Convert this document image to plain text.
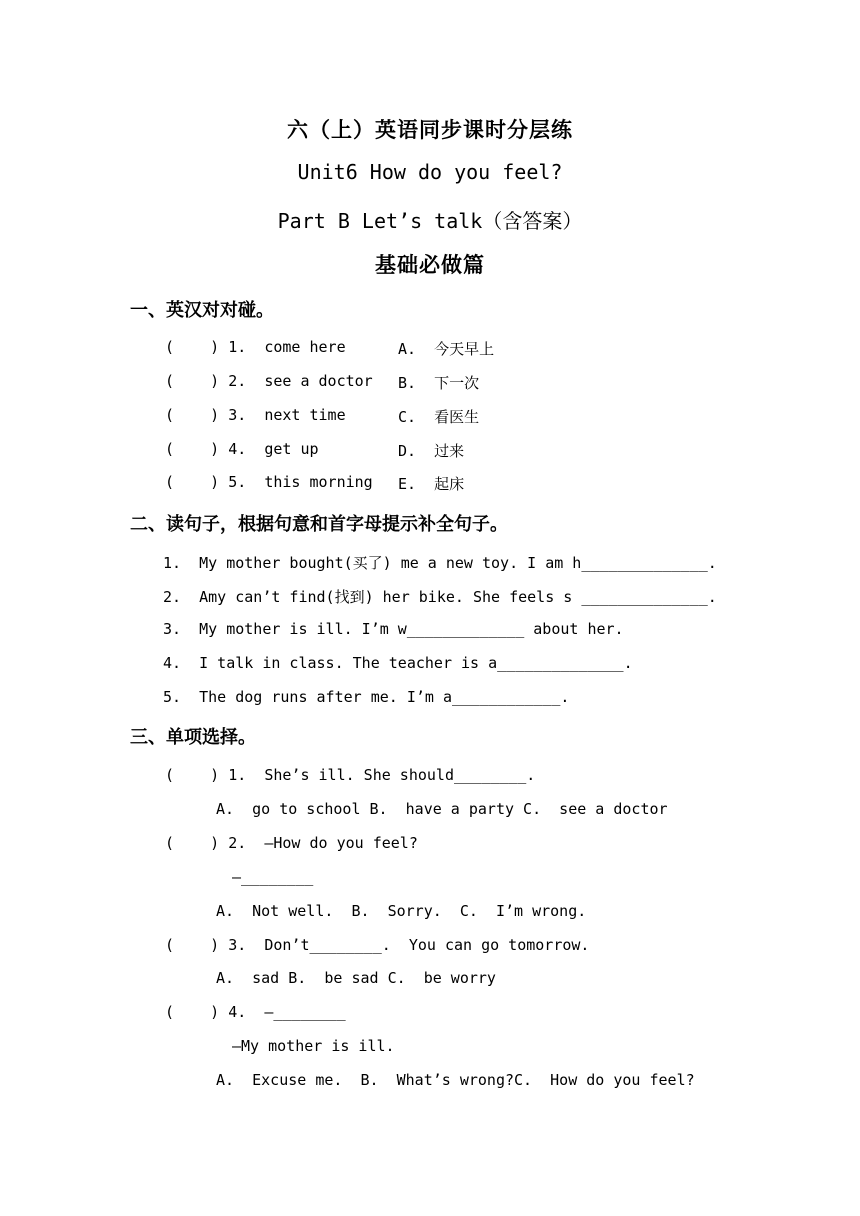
六（上）英语同步课时分层练
Unit6 How do you feel?
Part B Let’s talk（含答案）
基础必做篇
一、英汉对对碰。
(    ) 1.  come here	A.  今天早上
(    ) 2.  see a doctor B.  下一次
(    ) 3.  next time	C.  看医生
(    ) 4.  get up	D.  过来
(    ) 5.  this morning E.  起床
二、读句子，根据句意和首字母提示补全句子。
1.  My mother bought(买了) me a new toy. I am h______________.
2.  Amy can’t find(找到) her bike. She feels s ______________.
3.  My mother is ill. I’m w_____________ about her.
4.  I talk in class. The teacher is a______________.
5.  The dog runs after me. I’m a____________.
三、单项选择。
(    ) 1.  She’s ill. She should________.
A.  go to school B.  have a party C.  see a doctor
(    ) 2.  —How do you feel?
—________
A.  Not well.  B.  Sorry.  C.  I’m wrong.
(    ) 3.  Don’t________.  You can go tomorrow.
A.  sad B.  be sad C.  be worry
(    ) 4.  —________
—My mother is ill.
A.  Excuse me.  B.  What’s wrong?C.  How do you feel?
